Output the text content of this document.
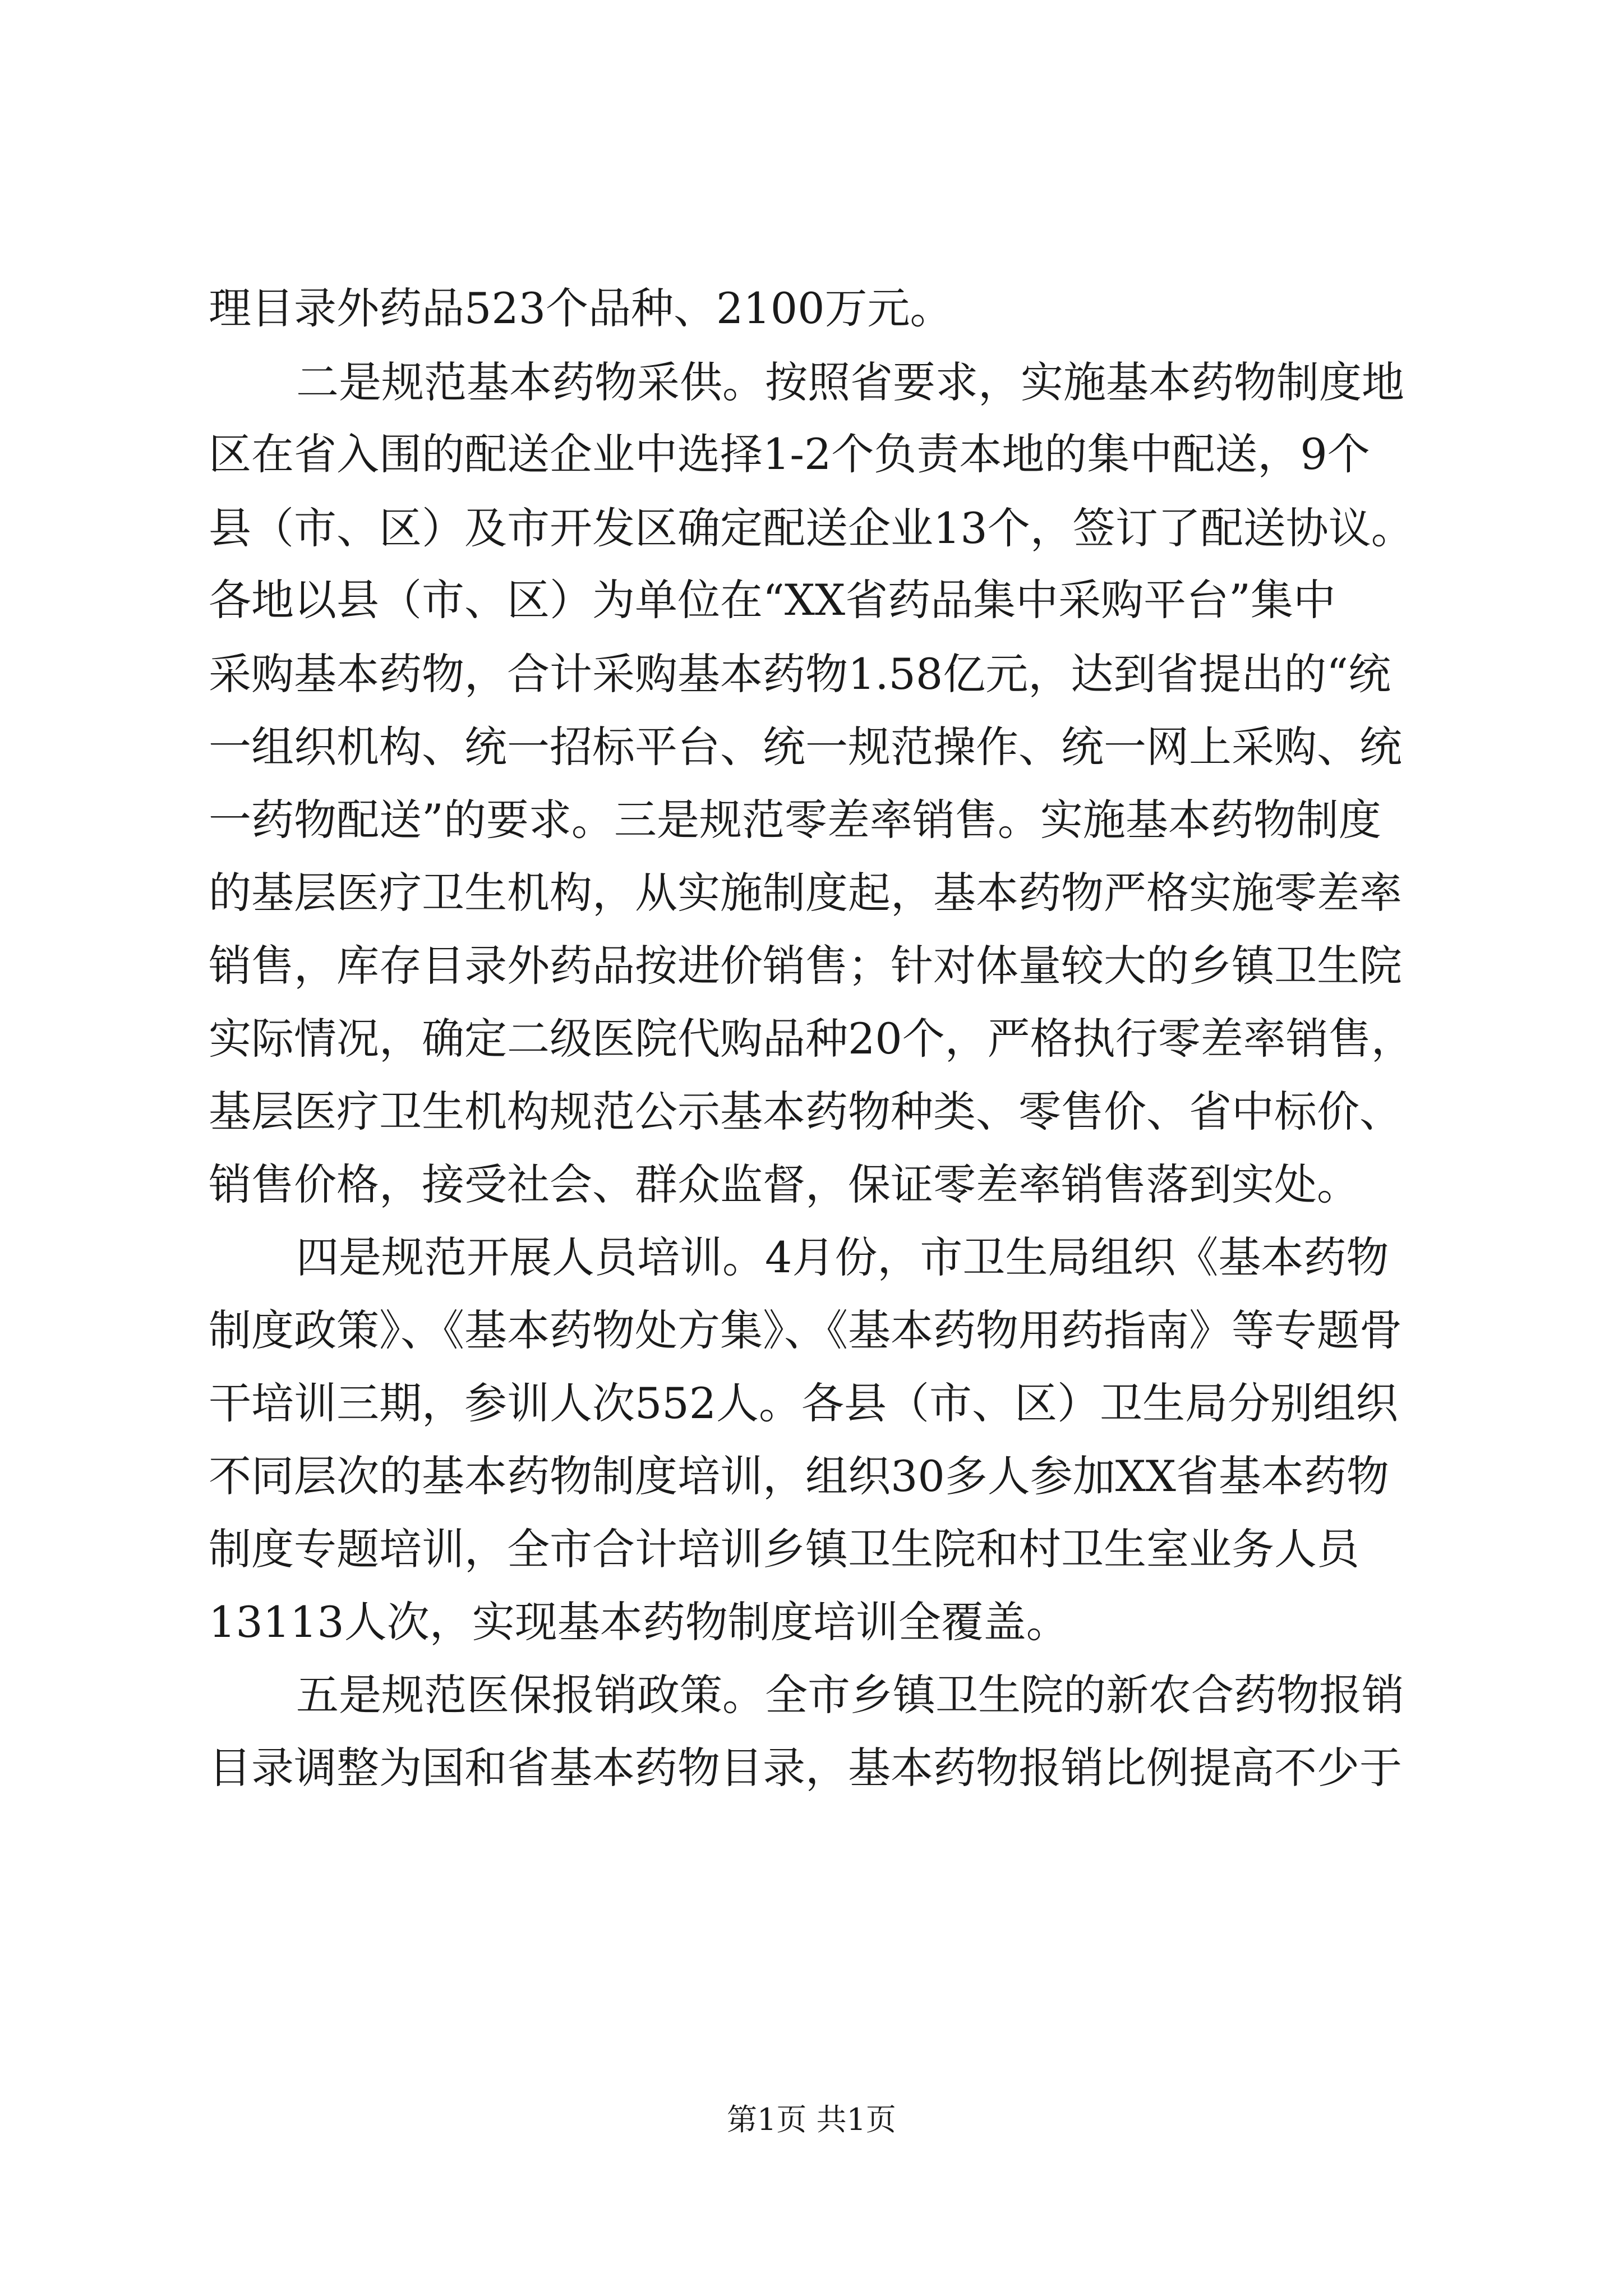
理目录外药品523个品种、2100万元。
二是规范基本药物采供。按照省要求，实施基本药物制度地
区在省入围的配送企业中选择1-2个负责本地的集中配送，9个
县（市、区）及市开发区确定配送企业13个，签订了配送协议。
各地以县（市、区）为单位在“XX省药品集中采购平台”集中
采购基本药物，合计采购基本药物1.58亿元，达到省提出的“统
一组织机构、统一招标平台、统一规范操作、统一网上采购、统
一药物配送”的要求。三是规范零差率销售。实施基本药物制度
的基层医疗卫生机构，从实施制度起，基本药物严格实施零差率
销售，库存目录外药品按进价销售；针对体量较大的乡镇卫生院
实际情况，确定二级医院代购品种20个，严格执行零差率销售，
基层医疗卫生机构规范公示基本药物种类、零售价、省中标价、
销售价格，接受社会、群众监督，保证零差率销售落到实处。
四是规范开展人员培训。4月份，市卫生局组织《基本药物
制度政策》、《基本药物处方集》、《基本药物用药指南》等专题骨
干培训三期，参训人次552人。各县（市、区）卫生局分别组织
不同层次的基本药物制度培训，组织30多人参加XX省基本药物
制度专题培训，全市合计培训乡镇卫生院和村卫生室业务人员
13113人次，实现基本药物制度培训全覆盖。
五是规范医保报销政策。全市乡镇卫生院的新农合药物报销
目录调整为国和省基本药物目录，基本药物报销比例提高不少于
第1页 共1页
